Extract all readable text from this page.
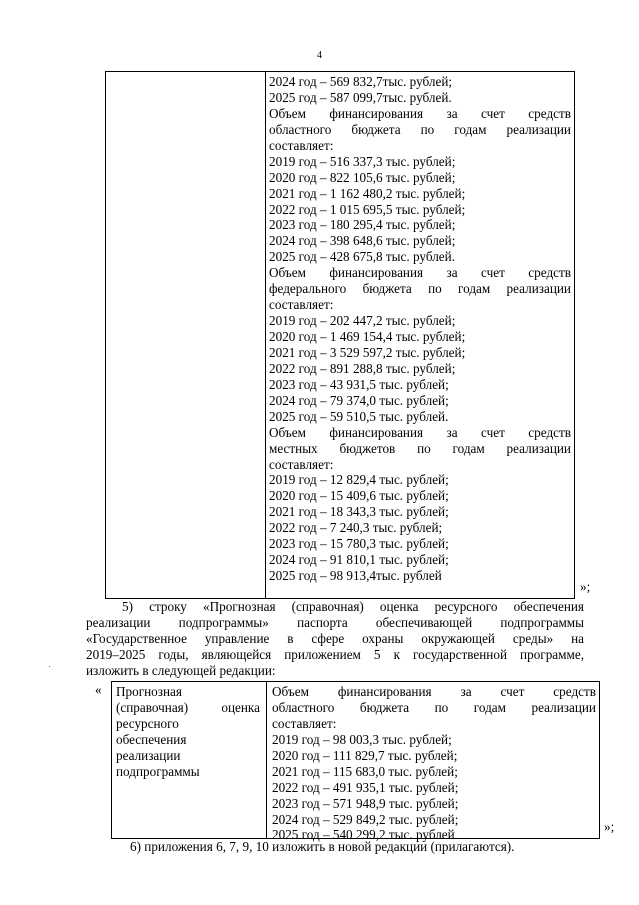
4
2024 год – 569 832,7тыс. рублей;
2025 год – 587 099,7тыс. рублей.
Объем финансирования за счет средств
областного бюджета по годам реализации
составляет:
2019 год – 516 337,3 тыс. рублей;
2020 год – 822 105,6 тыс. рублей;
2021 год – 1 162 480,2 тыс. рублей;
2022 год – 1 015 695,5 тыс. рублей;
2023 год – 180 295,4 тыс. рублей;
2024 год – 398 648,6 тыс. рублей;
2025 год – 428 675,8 тыс. рублей.
Объем финансирования за счет средств
федерального бюджета по годам реализации
составляет:
2019 год – 202 447,2 тыс. рублей;
2020 год – 1 469 154,4 тыс. рублей;
2021 год – 3 529 597,2 тыс. рублей;
2022 год – 891 288,8 тыс. рублей;
2023 год – 43 931,5 тыс. рублей;
2024 год – 79 374,0 тыс. рублей;
2025 год – 59 510,5 тыс. рублей.
Объем финансирования за счет средств
местных бюджетов по годам реализации
составляет:
2019 год – 12 829,4 тыс. рублей;
2020 год – 15 409,6 тыс. рублей;
2021 год – 18 343,3 тыс. рублей;
2022 год – 7 240,3 тыс. рублей;
2023 год – 15 780,3 тыс. рублей;
2024 год – 91 810,1 тыс. рублей;
2025 год – 98 913,4тыс. рублей
»;
5) строку «Прогнозная (справочная) оценка ресурсного обеспечения
реализации подпрограммы» паспорта обеспечивающей подпрограммы
«Государственное управление в сфере охраны окружающей среды» на
2019–2025 годы, являющейся приложением 5 к государственной программе,
изложить в следующей редакции:
« Прогнозная
(справочная) оценка
ресурсного
обеспечения
реализации
подпрограммы
Объем финансирования за счет средств
областного бюджета по годам реализации
составляет:
2019 год – 98 003,3 тыс. рублей;
2020 год – 111 829,7 тыс. рублей;
2021 год – 115 683,0 тыс. рублей;
2022 год – 491 935,1 тыс. рублей;
2023 год – 571 948,9 тыс. рублей;
2024 год – 529 849,2 тыс. рублей;
2025 год – 540 299,2 тыс. рублей
»;
6) приложения 6, 7, 9, 10 изложить в новой редакции (прилагаются).
